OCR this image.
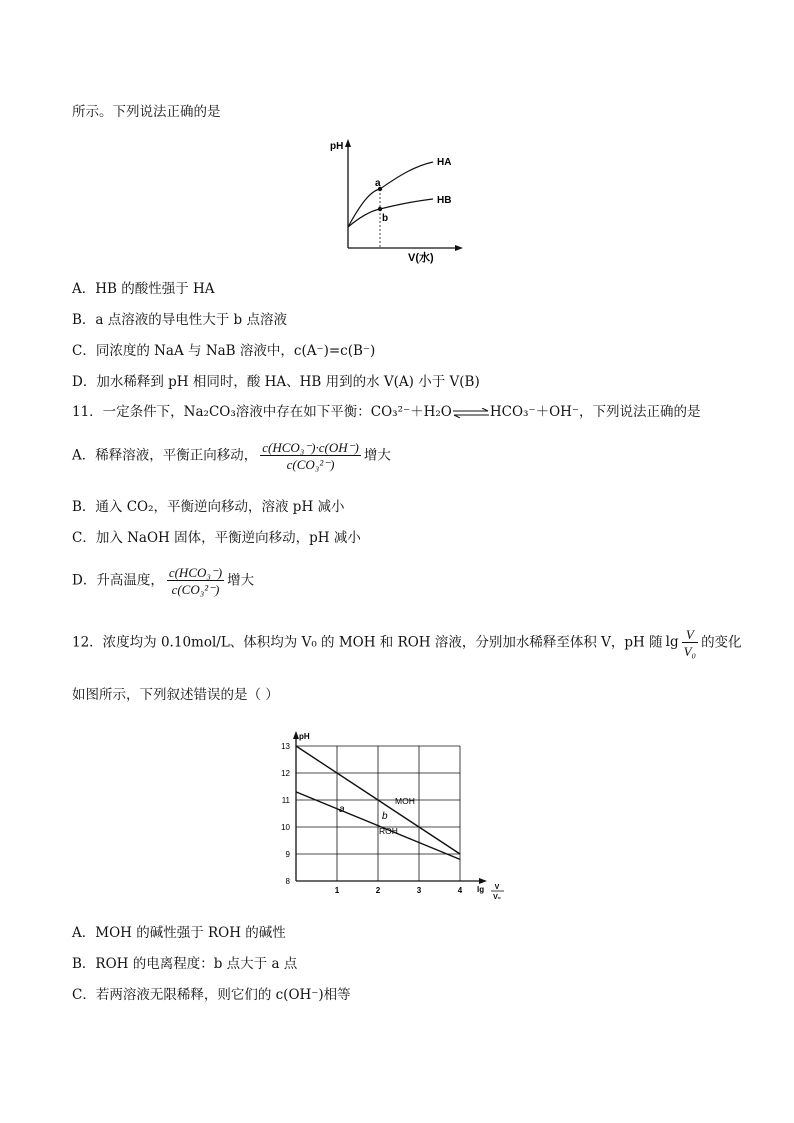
所示。下列说法正确的是
pH
V(水)
a
b
HA
HB
A．HB 的酸性强于 HA
B．a 点溶液的导电性大于 b 点溶液
C．同浓度的 NaA 与 NaB 溶液中，c(A⁻)=c(B⁻)
D．加水稀释到 pH 相同时，酸 HA、HB 用到的水 V(A) 小于 V(B)
11．一定条件下，Na₂CO₃溶液中存在如下平衡：CO₃²⁻＋H₂O⇌HCO₃⁻＋OH⁻，下列说法正确的是
A．稀释溶液，平衡正向移动， $\frac{\text{c(HCO₃⁻)·c(OH⁻)}}{\text{c(CO₃²⁻)}}$ 增大
B．通入 CO₂，平衡逆向移动，溶液 pH 减小
C．加入 NaOH 固体，平衡逆向移动，pH 减小
D．升高温度， $\frac{\text{c(HCO₃⁻)}}{\text{c(CO₃²⁻)}}$ 增大
12．浓度均为 0.10mol/L、体积均为 V₀ 的 MOH 和 ROH 溶液，分别加水稀释至体积 V，pH 随 $\lg \frac{V}{\text{V₀}}$ 的变化
如图所示，下列叙述错误的是（ ）
pH
13
12
11
10
9
8
1	2	3	4 lg V
V₀
MOH
ROH
a
b
A．MOH 的碱性强于 ROH 的碱性
B．ROH 的电离程度：b 点大于 a 点
C．若两溶液无限稀释，则它们的 c(OH⁻)相等
